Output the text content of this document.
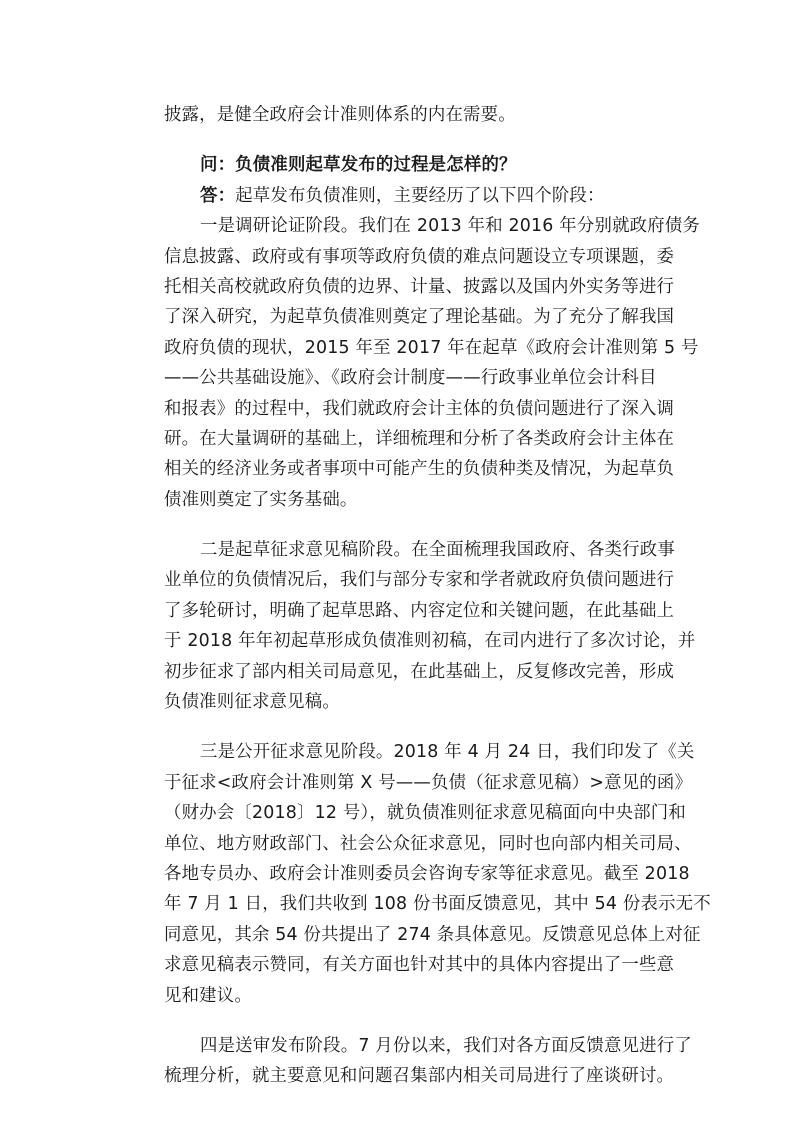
披露，是健全政府会计准则体系的内在需要。
问：负债准则起草发布的过程是怎样的？
答：起草发布负债准则，主要经历了以下四个阶段：
一是调研论证阶段。我们在 2013 年和 2016 年分别就政府债务
信息披露、政府或有事项等政府负债的难点问题设立专项课题，委
托相关高校就政府负债的边界、计量、披露以及国内外实务等进行
了深入研究，为起草负债准则奠定了理论基础。为了充分了解我国
政府负债的现状，2015 年至 2017 年在起草《政府会计准则第 5 号
——公共基础设施》、《政府会计制度——行政事业单位会计科目
和报表》的过程中，我们就政府会计主体的负债问题进行了深入调
研。在大量调研的基础上，详细梳理和分析了各类政府会计主体在
相关的经济业务或者事项中可能产生的负债种类及情况，为起草负
债准则奠定了实务基础。
二是起草征求意见稿阶段。在全面梳理我国政府、各类行政事
业单位的负债情况后，我们与部分专家和学者就政府负债问题进行
了多轮研讨，明确了起草思路、内容定位和关键问题，在此基础上
于 2018 年年初起草形成负债准则初稿，在司内进行了多次讨论，并
初步征求了部内相关司局意见，在此基础上，反复修改完善，形成
负债准则征求意见稿。
三是公开征求意见阶段。2018 年 4 月 24 日，我们印发了《关
于征求<政府会计准则第 X 号——负债（征求意见稿）>意见的函》
（财办会〔2018〕12 号），就负债准则征求意见稿面向中央部门和
单位、地方财政部门、社会公众征求意见，同时也向部内相关司局、
各地专员办、政府会计准则委员会咨询专家等征求意见。截至 2018
年 7 月 1 日，我们共收到 108 份书面反馈意见，其中 54 份表示无不
同意见，其余 54 份共提出了 274 条具体意见。反馈意见总体上对征
求意见稿表示赞同，有关方面也针对其中的具体内容提出了一些意
见和建议。
四是送审发布阶段。7 月份以来，我们对各方面反馈意见进行了
梳理分析，就主要意见和问题召集部内相关司局进行了座谈研讨。
